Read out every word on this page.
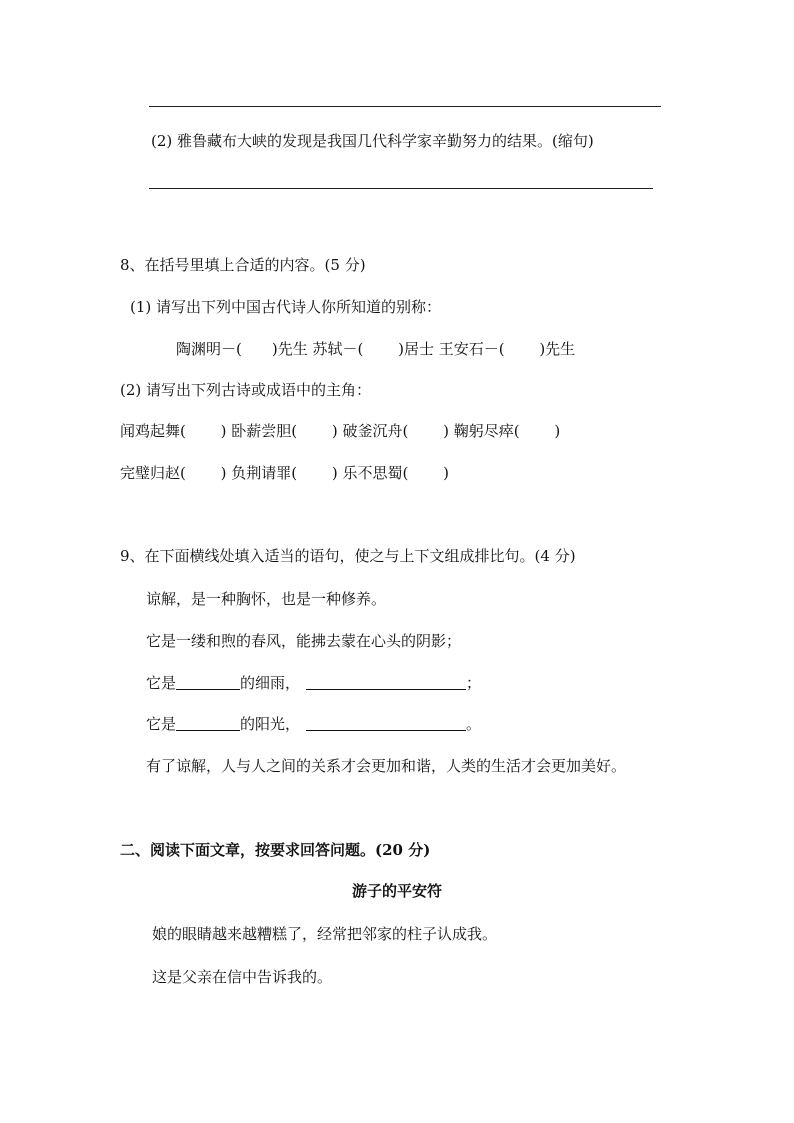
(2) 雅鲁藏布大峡的发现是我国几代科学家辛勤努力的结果。(缩句)
8、在括号里填上合适的内容。(5 分)
(1) 请写出下列中国古代诗人你所知道的别称：
陶渊明－(　　)先生 苏轼－(　　 )居士 王安石－(　　 )先生
(2) 请写出下列古诗或成语中的主角：
闻鸡起舞(　　 ) 卧薪尝胆(　　 ) 破釜沉舟(　　 ) 鞠躬尽瘁(　　 )
完璧归赵(　　 ) 负荆请罪(　　 ) 乐不思蜀(　　 )
9、在下面横线处填入适当的语句，使之与上下文组成排比句。(4 分)
谅解，是一种胸怀，也是一种修养。
它是一缕和煦的春风，能拂去蒙在心头的阴影；
它是	的细雨，	；
它是	的阳光，	。
有了谅解，人与人之间的关系才会更加和谐，人类的生活才会更加美好。
二、阅读下面文章，按要求回答问题。(20 分)
游子的平安符
娘的眼睛越来越糟糕了，经常把邻家的柱子认成我。
这是父亲在信中告诉我的。
